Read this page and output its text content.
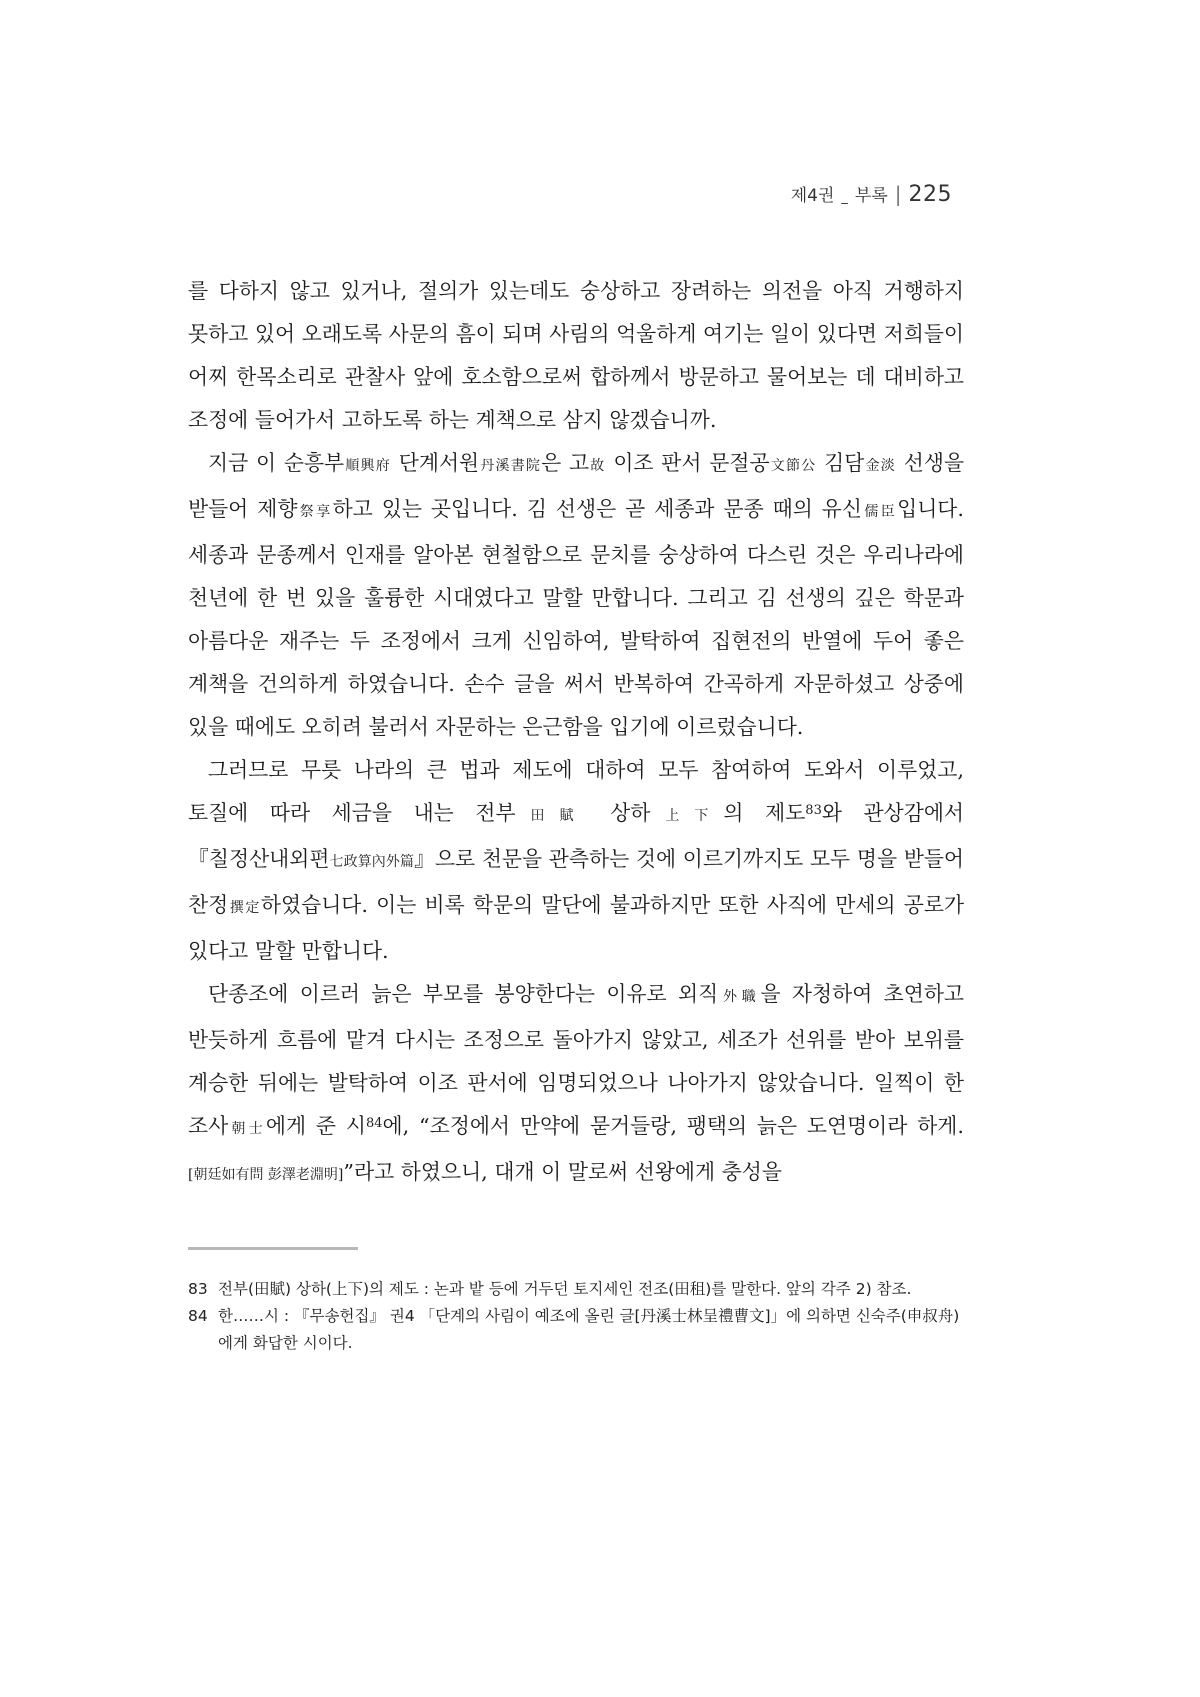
제4권 _ 부록 | 225

를 다하지 않고 있거나, 절의가 있는데도 숭상하고 장려하는 의전을 아직 거행하지 못하고 있어 오래도록 사문의 흠이 되며 사림의 억울하게 여기는 일이 있다면 저희들이 어찌 한목소리로 관찰사 앞에 호소함으로써 합하께서 방문하고 물어보는 데 대비하고 조정에 들어가서 고하도록 하는 계책으로 삼지 않겠습니까.

지금 이 순흥부順興府 단계서원丹溪書院은 고故 이조 판서 문절공文節公 김담金淡 선생을 받들어 제향祭享하고 있는 곳입니다. 김 선생은 곧 세종과 문종 때의 유신儒臣입니다. 세종과 문종께서 인재를 알아본 현철함으로 문치를 숭상하여 다스린 것은 우리나라에 천년에 한 번 있을 훌륭한 시대였다고 말할 만합니다. 그리고 김 선생의 깊은 학문과 아름다운 재주는 두 조정에서 크게 신임하여, 발탁하여 집현전의 반열에 두어 좋은 계책을 건의하게 하였습니다. 손수 글을 써서 반복하여 간곡하게 자문하셨고 상중에 있을 때에도 오히려 불러서 자문하는 은근함을 입기에 이르렀습니다.

그러므로 무릇 나라의 큰 법과 제도에 대하여 모두 참여하여 도와서 이루었고, 토질에 따라 세금을 내는 전부田賦 상하上下의 제도$^{83}$와 관상감에서 『칠정산내외편七政算內外篇』으로 천문을 관측하는 것에 이르기까지도 모두 명을 받들어 찬정撰定하였습니다. 이는 비록 학문의 말단에 불과하지만 또한 사직에 만세의 공로가 있다고 말할 만합니다.

단종조에 이르러 늙은 부모를 봉양한다는 이유로 외직外職을 자청하여 초연하고 반듯하게 흐름에 맡겨 다시는 조정으로 돌아가지 않았고, 세조가 선위를 받아 보위를 계승한 뒤에는 발탁하여 이조 판서에 임명되었으나 나아가지 않았습니다. 일찍이 한 조사朝士에게 준 시$^{84}$에, “조정에서 만약에 묻거들랑, 팽택의 늙은 도연명이라 하게.[朝廷如有問 彭澤老淵明]”라고 하였으니, 대개 이 말로써 선왕에게 충성을

83 전부(田賦) 상하(上下)의 제도 : 논과 밭 등에 거두던 토지세인 전조(田租)를 말한다. 앞의 각주 2) 참조.
84 한……시 : 『무송헌집』 권4 「단계의 사림이 예조에 올린 글[丹溪士林呈禮曹文]」에 의하면 신숙주(申叔舟)에게 화답한 시이다.
